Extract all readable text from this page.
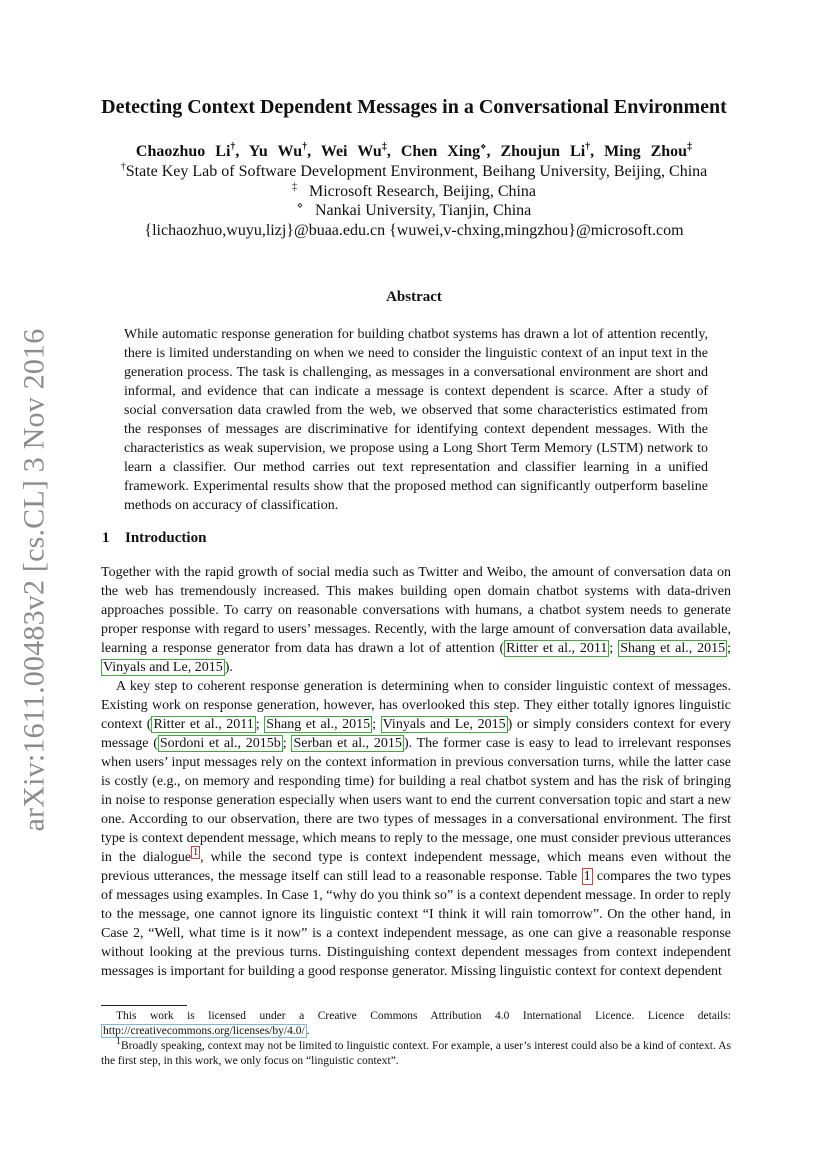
arXiv:1611.00483v2 [cs.CL] 3 Nov 2016
Detecting Context Dependent Messages in a Conversational Environment
Chaozhuo Li†, Yu Wu†, Wei Wu‡, Chen Xing⋄, Zhoujun Li†, Ming Zhou‡
†State Key Lab of Software Development Environment, Beihang University, Beijing, China
‡ Microsoft Research, Beijing, China
⋄ Nankai University, Tianjin, China
{lichaozhuo,wuyu,lizj}@buaa.edu.cn {wuwei,v-chxing,mingzhou}@microsoft.com
Abstract
While automatic response generation for building chatbot systems has drawn a lot of attention recently, there is limited understanding on when we need to consider the linguistic context of an input text in the generation process. The task is challenging, as messages in a conversational environment are short and informal, and evidence that can indicate a message is context dependent is scarce. After a study of social conversation data crawled from the web, we observed that some characteristics estimated from the responses of messages are discriminative for identifying context dependent messages. With the characteristics as weak supervision, we propose using a Long Short Term Memory (LSTM) network to learn a classifier. Our method carries out text representation and classifier learning in a unified framework. Experimental results show that the proposed method can significantly outperform baseline methods on accuracy of classification.
1 Introduction

Together with the rapid growth of social media such as Twitter and Weibo, the amount of conversation data on the web has tremendously increased. This makes building open domain chatbot systems with data-driven approaches possible. To carry on reasonable conversations with humans, a chatbot system needs to generate proper response with regard to users’ messages. Recently, with the large amount of conversation data available, learning a response generator from data has drawn a lot of attention ( Ritter et al., 2011 ; Shang et al., 2015 ; Vinyals and Le, 2015 ).

A key step to coherent response generation is determining when to consider linguistic context of messages. Existing work on response generation, however, has overlooked this step. They either totally ignores linguistic context ( Ritter et al., 2011 ; Shang et al., 2015 ; Vinyals and Le, 2015 ) or simply considers context for every message ( Sordoni et al., 2015b ; Serban et al., 2015 ). The former case is easy to lead to irrelevant responses when users’ input messages rely on the context information in previous conversation turns, while the latter case is costly (e.g., on memory and responding time) for building a real chatbot system and has the risk of bringing in noise to response generation especially when users want to end the current conversation topic and start a new one. According to our observation, there are two types of messages in a conversational environment. The first type is context dependent message, which means to reply to the message, one must consider previous utterances in the dialogue $^1$ , while the second type is context independent message, which means even without the previous utterances, the message itself can still lead to a reasonable response. Table 1 compares the two types of messages using examples. In Case 1, “why do you think so” is a context dependent message. In order to reply to the message, one cannot ignore its linguistic context “I think it will rain tomorrow”. On the other hand, in Case 2, “Well, what time is it now” is a context independent message, as one can give a reasonable response without looking at the previous turns. Distinguishing context dependent messages from context independent messages is important for building a good response generator. Missing linguistic context for context dependent

This work is licensed under a Creative Commons Attribution 4.0 International Licence. Licence details: http://creativecommons.org/licenses/by/4.0/ .

$^1$Broadly speaking, context may not be limited to linguistic context. For example, a user’s interest could also be a kind of context. As the first step, in this work, we only focus on “linguistic context”.
